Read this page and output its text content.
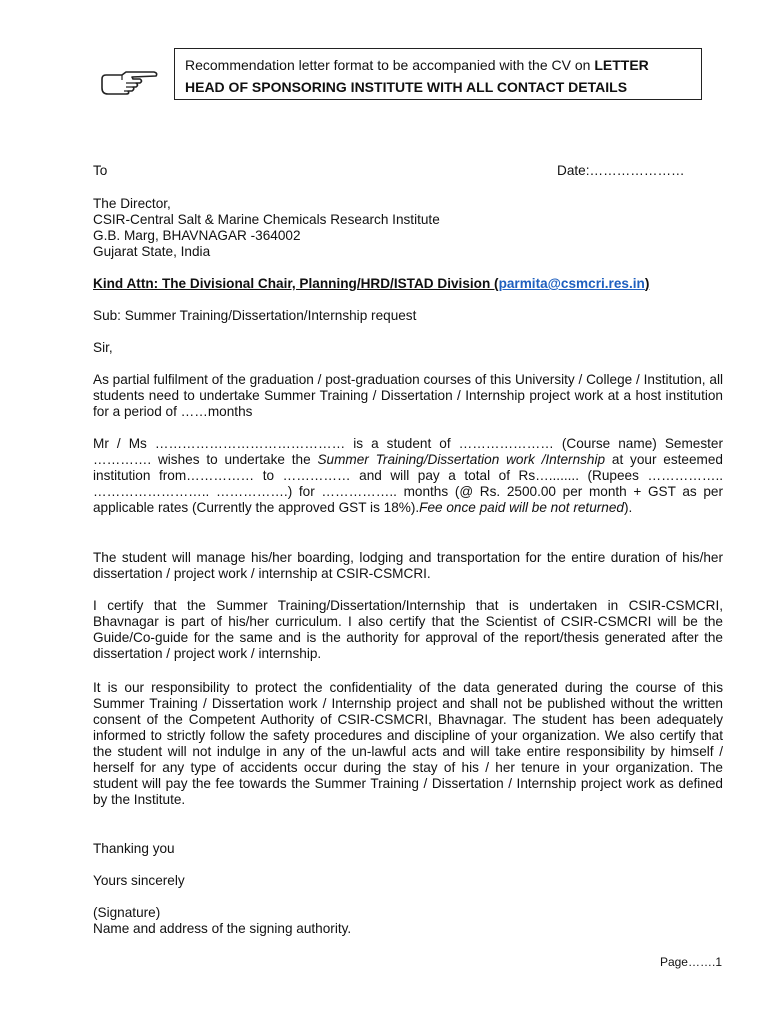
Recommendation letter format to be accompanied with the CV on LETTER
HEAD OF SPONSORING INSTITUTE WITH ALL CONTACT DETAILS
To	Date:…………………
The Director,
CSIR-Central Salt & Marine Chemicals Research Institute
G.B. Marg, BHAVNAGAR -364002
Gujarat State, India
Kind Attn: The Divisional Chair, Planning/HRD/ISTAD Division (parmita@csmcri.res.in)
Sub: Summer Training/Dissertation/Internship request
Sir,
As partial fulfilment of the graduation / post-graduation courses of this University / College / Institution, all students need to undertake Summer Training / Dissertation / Internship project work at a host institution for a period of ……months
Mr / Ms …………………………………… is a student of ………………… (Course name) Semester …………. wishes to undertake the Summer Training/Dissertation work /Internship at your esteemed institution from…………… to …………… and will pay a total of Rs…........ (Rupees …………….. …………………….. …………….) for …………….. months (@ Rs. 2500.00 per month + GST as per applicable rates (Currently the approved GST is 18%).Fee once paid will be not returned).
The student will manage his/her boarding, lodging and transportation for the entire duration of his/her dissertation / project work / internship at CSIR-CSMCRI.
I certify that the Summer Training/Dissertation/Internship that is undertaken in CSIR-CSMCRI, Bhavnagar is part of his/her curriculum. I also certify that the Scientist of CSIR-CSMCRI will be the Guide/Co-guide for the same and is the authority for approval of the report/thesis generated after the dissertation / project work / internship.
It is our responsibility to protect the confidentiality of the data generated during the course of this Summer Training / Dissertation work / Internship project and shall not be published without the written consent of the Competent Authority of CSIR-CSMCRI, Bhavnagar. The student has been adequately informed to strictly follow the safety procedures and discipline of your organization. We also certify that the student will not indulge in any of the un-lawful acts and will take entire responsibility by himself / herself for any type of accidents occur during the stay of his / her tenure in your organization. The student will pay the fee towards the Summer Training / Dissertation / Internship project work as defined by the Institute.
Thanking you
Yours sincerely
(Signature)
Name and address of the signing authority.
Page…….1
